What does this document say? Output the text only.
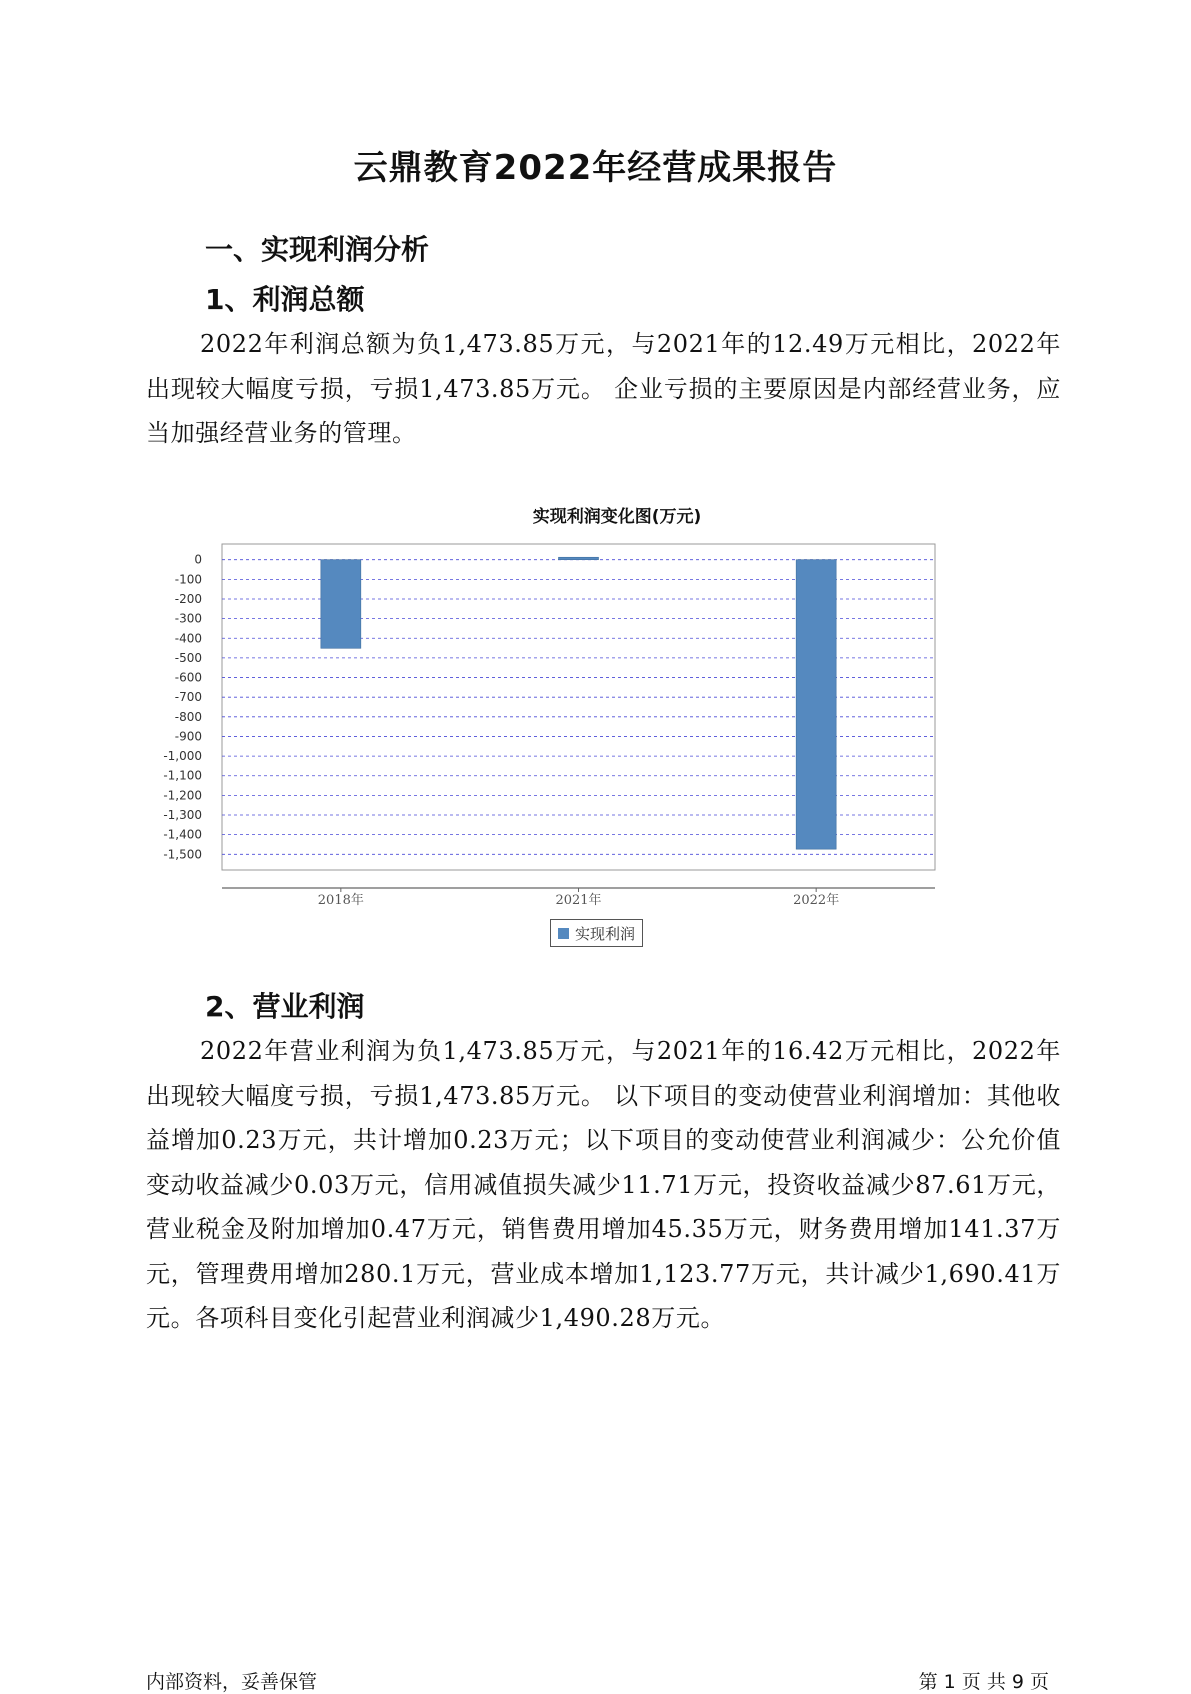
云鼎教育2022年经营成果报告
一、实现利润分析
1、利润总额
2022年利润总额为负1,473.85万元，与2021年的12.49万元相比，2022年出现较大幅度亏损，亏损1,473.85万元。 企业亏损的主要原因是内部经营业务，应当加强经营业务的管理。
实现利润变化图(万元)
0
-100
-200
-300
-400
-500
-600
-700
-800
-900
-1,000
-1,100
-1,200
-1,300
-1,400
-1,500
2018年	2021年	2022年
实现利润
2、营业利润
2022年营业利润为负1,473.85万元，与2021年的16.42万元相比，2022年出现较大幅度亏损，亏损1,473.85万元。 以下项目的变动使营业利润增加：其他收益增加0.23万元，共计增加0.23万元；以下项目的变动使营业利润减少：公允价值变动收益减少0.03万元，信用减值损失减少11.71万元，投资收益减少87.61万元，营业税金及附加增加0.47万元，销售费用增加45.35万元，财务费用增加141.37万元，管理费用增加280.1万元，营业成本增加1,123.77万元，共计减少1,690.41万元。各项科目变化引起营业利润减少1,490.28万元。
内部资料，妥善保管	第 1 页 共 9 页
